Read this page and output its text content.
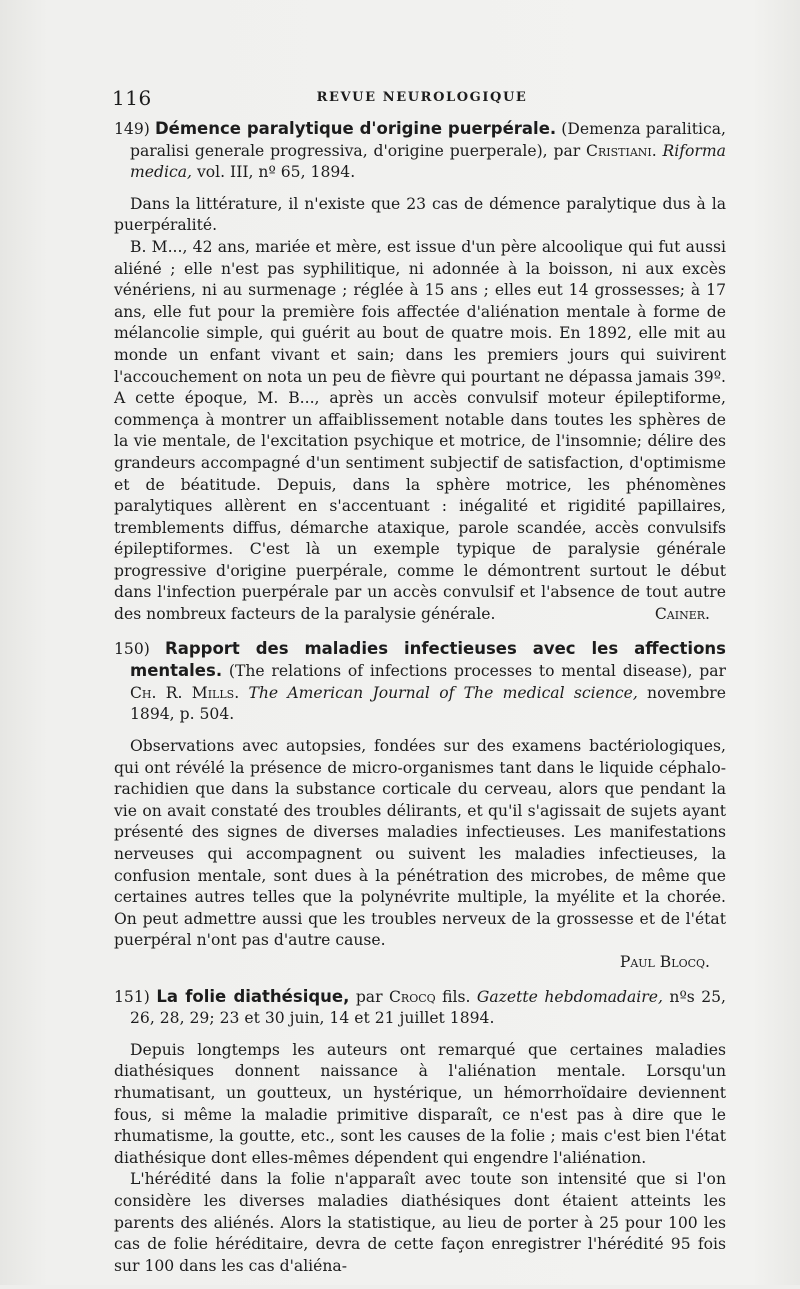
116	REVUE NEUROLOGIQUE

149) Démence paralytique d'origine puerpérale. (Demenza paralitica, paralisi generale progressiva, d'origine puerperale), par Cristiani. Riforma medica, vol. III, nº 65, 1894.

Dans la littérature, il n'existe que 23 cas de démence paralytique dus à la puerpéralité.

B. M..., 42 ans, mariée et mère, est issue d'un père alcoolique qui fut aussi aliéné ; elle n'est pas syphilitique, ni adonnée à la boisson, ni aux excès vénériens, ni au surmenage ; réglée à 15 ans ; elles eut 14 grossesses; à 17 ans, elle fut pour la première fois affectée d'aliénation mentale à forme de mélancolie simple, qui guérit au bout de quatre mois. En 1892, elle mit au monde un enfant vivant et sain; dans les premiers jours qui suivirent l'accouchement on nota un peu de fièvre qui pourtant ne dépassa jamais 39º. A cette époque, M. B..., après un accès convulsif moteur épileptiforme, commença à montrer un affaiblissement notable dans toutes les sphères de la vie mentale, de l'excitation psychique et motrice, de l'insomnie; délire des grandeurs accompagné d'un sentiment subjectif de satisfaction, d'optimisme et de béatitude. Depuis, dans la sphère motrice, les phénomènes paralytiques allèrent en s'accentuant : inégalité et rigidité papillaires, tremblements diffus, démarche ataxique, parole scandée, accès convulsifs épileptiformes. C'est là un exemple typique de paralysie générale progressive d'origine puerpérale, comme le démontrent surtout le début dans l'infection puerpérale par un accès convulsif et l'absence de tout autre des nombreux facteurs de la paralysie générale.	Cainer.

150) Rapport des maladies infectieuses avec les affections mentales. (The relations of infections processes to mental disease), par Ch. R. Mills. The American Journal of The medical science, novembre 1894, p. 504.

Observations avec autopsies, fondées sur des examens bactériologiques, qui ont révélé la présence de micro-organismes tant dans le liquide céphalo-rachidien que dans la substance corticale du cerveau, alors que pendant la vie on avait constaté des troubles délirants, et qu'il s'agissait de sujets ayant présenté des signes de diverses maladies infectieuses. Les manifestations nerveuses qui accompagnent ou suivent les maladies infectieuses, la confusion mentale, sont dues à la pénétration des microbes, de même que certaines autres telles que la polynévrite multiple, la myélite et la chorée. On peut admettre aussi que les troubles nerveux de la grossesse et de l'état puerpéral n'ont pas d'autre cause.

Paul Blocq.

151) La folie diathésique, par Crocq fils. Gazette hebdomadaire, nºs 25, 26, 28, 29; 23 et 30 juin, 14 et 21 juillet 1894.

Depuis longtemps les auteurs ont remarqué que certaines maladies diathésiques donnent naissance à l'aliénation mentale. Lorsqu'un rhumatisant, un goutteux, un hystérique, un hémorrhoïdaire deviennent fous, si même la maladie primitive disparaît, ce n'est pas à dire que le rhumatisme, la goutte, etc., sont les causes de la folie ; mais c'est bien l'état diathésique dont elles-mêmes dépendent qui engendre l'aliénation.

L'hérédité dans la folie n'apparaît avec toute son intensité que si l'on considère les diverses maladies diathésiques dont étaient atteints les parents des aliénés. Alors la statistique, au lieu de porter à 25 pour 100 les cas de folie héréditaire, devra de cette façon enregistrer l'hérédité 95 fois sur 100 dans les cas d'aliéna-
